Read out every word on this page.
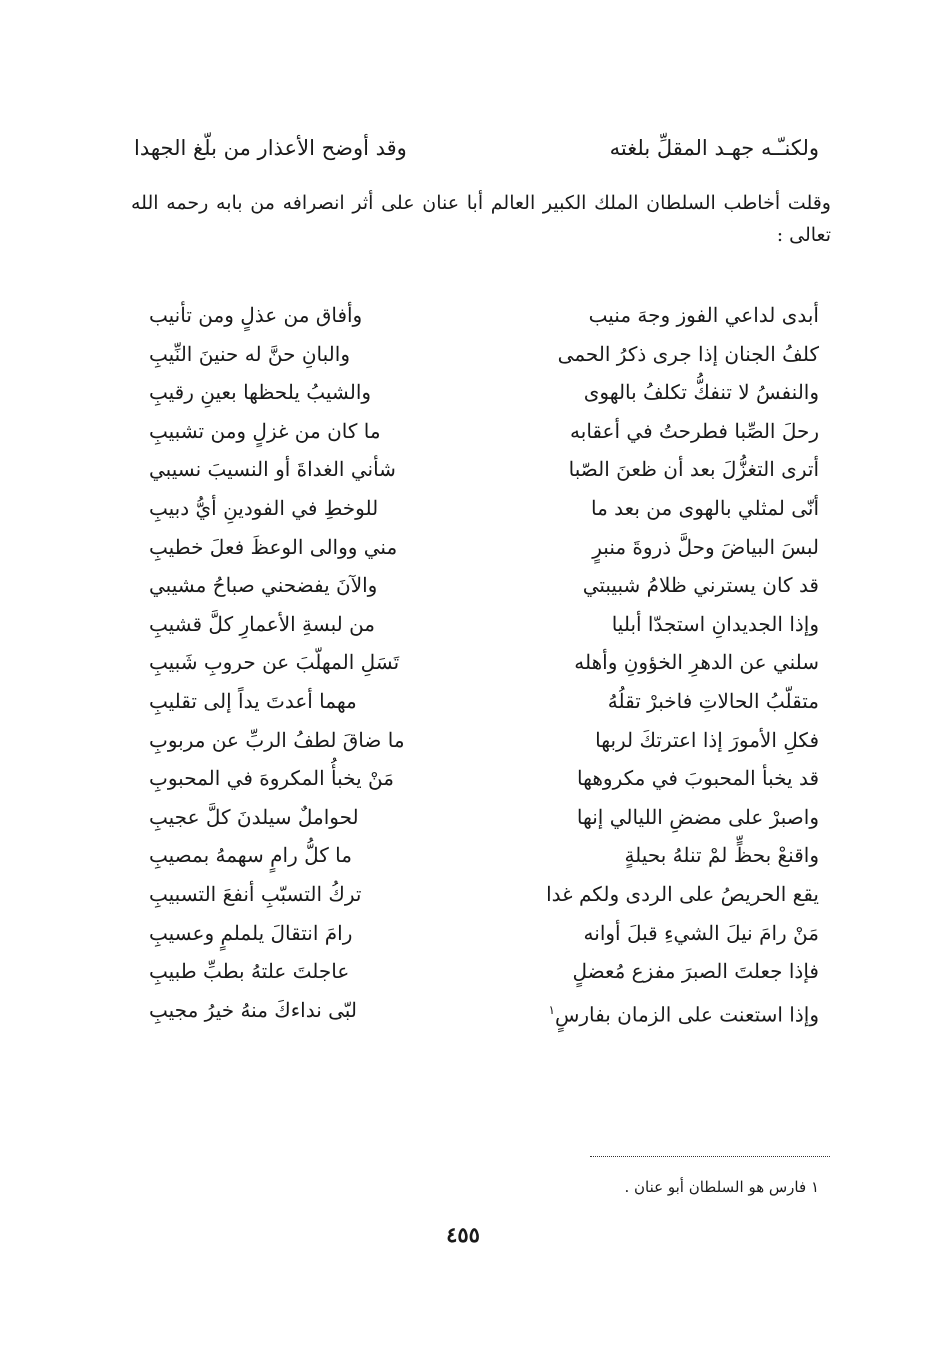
ولكنـّـه جهـد المقلِّ بلغته
وقد أوضح الأعذار من بلّغ الجهدا
وقلت أخاطب السلطان الملك الكبير العالم أبا عنان على أثر انصرافه من بابه رحمه الله تعالى :
أبدى لداعي الفوز وجهَ منيب
وأفاق من عذلٍ ومن تأنيب
كلفُ الجنان إذا جرى ذكرُ الحمى
والبانِ حنَّ له حنينَ النِّيبِ
والنفسُ لا تنفكُّ تكلفُ بالهوى
والشيبُ يلحظها بعينِ رقيبِ
رحلَ الصِّبا فطرحتُ في أعقابه
ما كان من غزلٍ ومن تشبيبِ
أترى التغزُّلَ بعد أن ظعنَ الصّبا
شأني الغداةَ أو النسيبَ نسيبي
أنّى لمثلي بالهوى من بعد ما
للوخطِ في الفودينِ أيُّ دبيبِ
لبسَ البياضَ وحلَّ ذروةَ منبرٍ
مني ووالى الوعظَ فعلَ خطيبِ
قد كان يسترني ظلامُ شبيبتي
والآنَ يفضحني صباحُ مشيبي
وإذا الجديدانِ استجدّا أبليا
من لبسةِ الأعمارِ كلَّ قشيبِ
سلني عن الدهرِ الخؤونِ وأهله
تَسَلِ المهلّبَ عن حروبِ شَبيبِ
متقلّبُ الحالاتِ فاخبرْ تقلُهُ
مهما أعدتَ يداً إلى تقليبِ
فكلِ الأمورَ إذا اعترتكَ لربها
ما ضاقَ لطفُ الربِّ عن مربوبِ
قد يخبأ المحبوبَ في مكروهها
مَنْ يخبأُ المكروهَ في المحبوبِ
واصبرْ على مضضِ الليالي إنها
لحواملٌ سيلدنَ كلَّ عجيبِ
واقنعْ بحظٍّ لمْ تنلهُ بحيلةٍ
ما كلُّ رامٍ سهمهُ بمصيبِ
يقع الحريصُ على الردى ولكم غدا
تركُ التسبّبِ أنفعَ التسبيبِ
مَنْ رامَ نيلَ الشيءِ قبلَ أوانه
رامَ انتقالَ يلملمٍ وعسيبِ
فإذا جعلتَ الصبرَ مفزع مُعضلٍ
عاجلتَ علتهُ بطبِّ طبيبِ
وإذا استعنت على الزمان بفارسٍ$^١$
لبّى نداءكَ منهُ خيرُ مجيبِ
١ فارس هو السلطان أبو عنان .
٤٥٥
